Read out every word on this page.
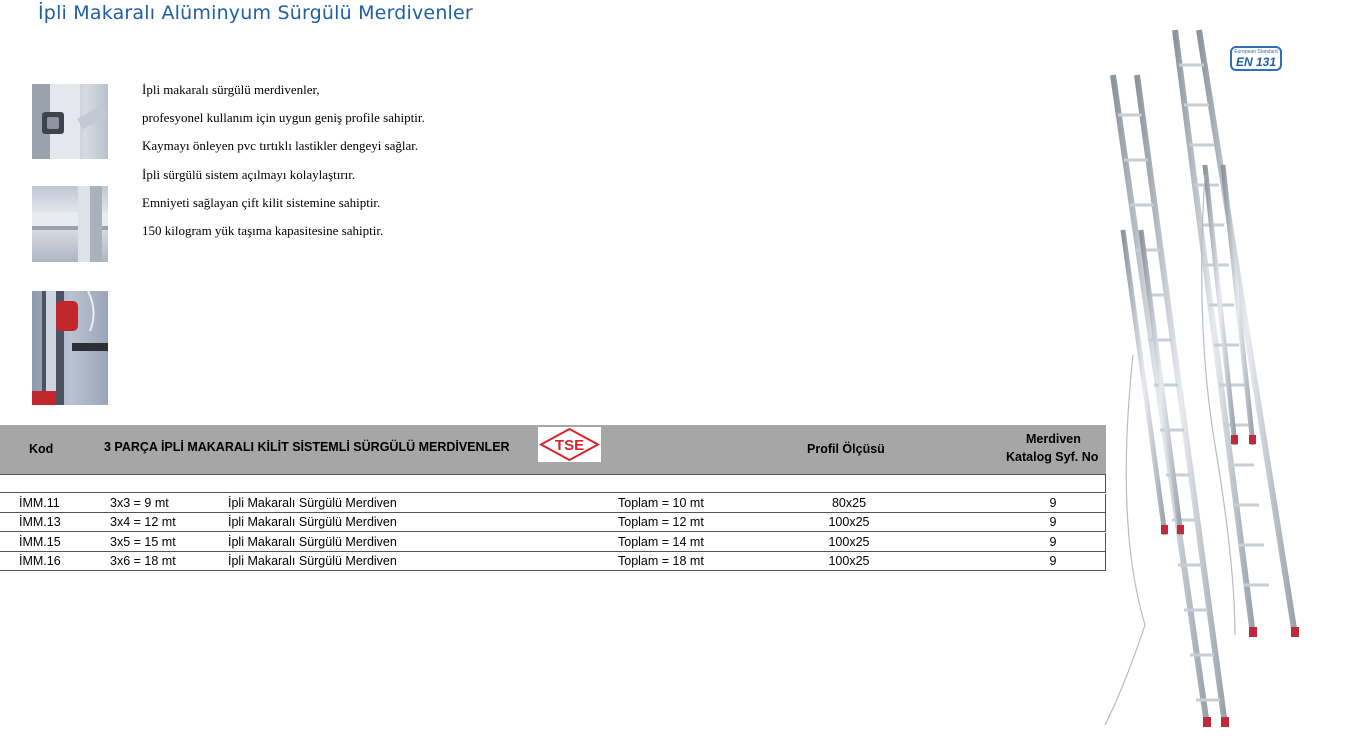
İpli Makaralı Alüminyum Sürgülü Merdivenler
İpli makaralı sürgülü merdivenler,
profesyonel kullanım için uygun geniş profile sahiptir.
Kaymayı önleyen pvc tırtıklı lastikler dengeyi sağlar.
İpli sürgülü sistem açılmayı kolaylaştırır.
Emniyeti sağlayan çift kilit sistemine sahiptir.
150 kilogram yük taşıma kapasitesine sahiptir.
Kod	3 PARÇA İPLİ MAKARALI KİLİT SİSTEMLİ SÜRGÜLÜ MERDİVENLER	Profil Ölçüsü
Merdiven
Katalog Syf. No
TSE
İMM.11	3x3 = 9 mt	İpli Makaralı Sürgülü Merdiven	Toplam = 10 mt	80x25	9
İMM.13	3x4 = 12 mt	İpli Makaralı Sürgülü Merdiven	Toplam = 12 mt	100x25	9
İMM.15	3x5 = 15 mt	İpli Makaralı Sürgülü Merdiven	Toplam = 14 mt	100x25	9
İMM.16	3x6 = 18 mt	İpli Makaralı Sürgülü Merdiven	Toplam = 18 mt	100x25	9
European Standard
EN 131
